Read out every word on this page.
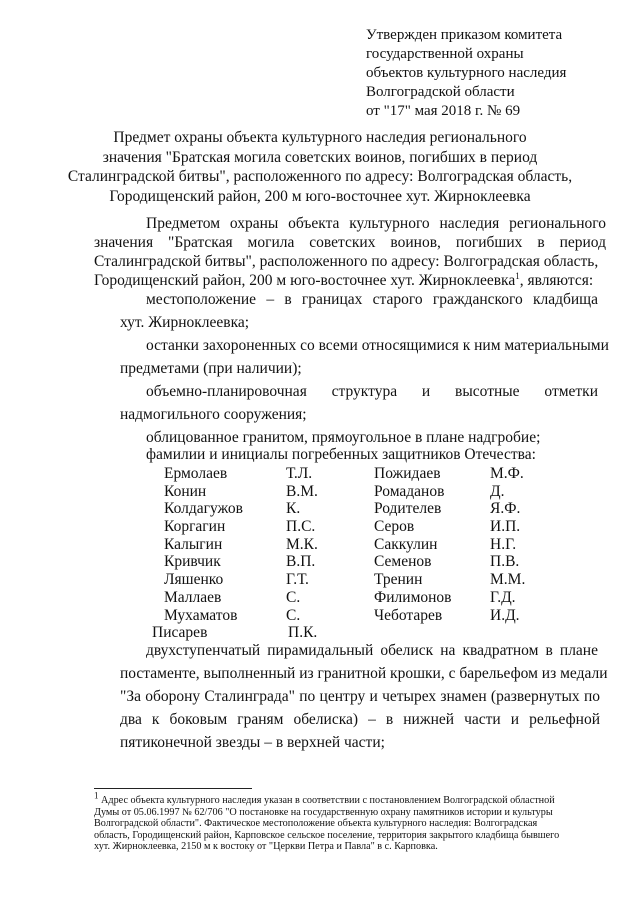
Утвержден приказом комитета
государственной охраны
объектов культурного наследия
Волгоградской области
от "17" мая 2018 г. № 69
Предмет охраны объекта культурного наследия регионального
значения "Братская могила советских воинов, погибших в период
Сталинградской битвы", расположенного по адресу: Волгоградская область,
Городищенский район, 200 м юго-восточнее хут. Жирноклеевка
Предметом охраны объекта культурного наследия регионального
значения "Братская могила советских воинов, погибших в период
Сталинградской битвы", расположенного по адресу: Волгоградская область,
Городищенский район, 200 м юго-восточнее хут. Жирноклеевка$^1$, являются:
местоположение – в границах старого гражданского кладбища
хут. Жирноклеевка;
останки захороненных со всеми относящимися к ним материальными
предметами (при наличии);
объемно-планировочная структура и высотные отметки
надмогильного сооружения;
облицованное гранитом, прямоугольное в плане надгробие;
фамилии и инициалы погребенных защитников Отечества:
Ермолаев	Т.Л.	Пожидаев	М.Ф.
Конин	В.М.	Ромаданов	Д.
Колдагужов	К.	Родителев	Я.Ф.
Коргагин	П.С.	Серов	И.П.
Калыгин	М.К.	Саккулин	Н.Г.
Кривчик	В.П.	Семенов	П.В.
Ляшенко	Г.Т.	Тренин	М.М.
Маллаев	С.	Филимонов Г.Д.
Мухаматов	С.	Чеботарев	И.Д.
Писарев	П.К.
двухступенчатый пирамидальный обелиск на квадратном в плане
постаменте, выполненный из гранитной крошки, с барельефом из медали
"За оборону Сталинграда" по центру и четырех знамен (развернутых по
два к боковым граням обелиска) – в нижней части и рельефной
пятиконечной звезды – в верхней части;
$^1$ Адрес объекта культурного наследия указан в соответствии с постановлением Волгоградской областной
Думы от 05.06.1997 № 62/706 "О постановке на государственную охрану памятников истории и культуры
Волгоградской области". Фактическое местоположение объекта культурного наследия: Волгоградская
область, Городищенский район, Карповское сельское поселение, территория закрытого кладбища бывшего
хут. Жирноклеевка, 2150 м к востоку от "Церкви Петра и Павла" в с. Карповка.
